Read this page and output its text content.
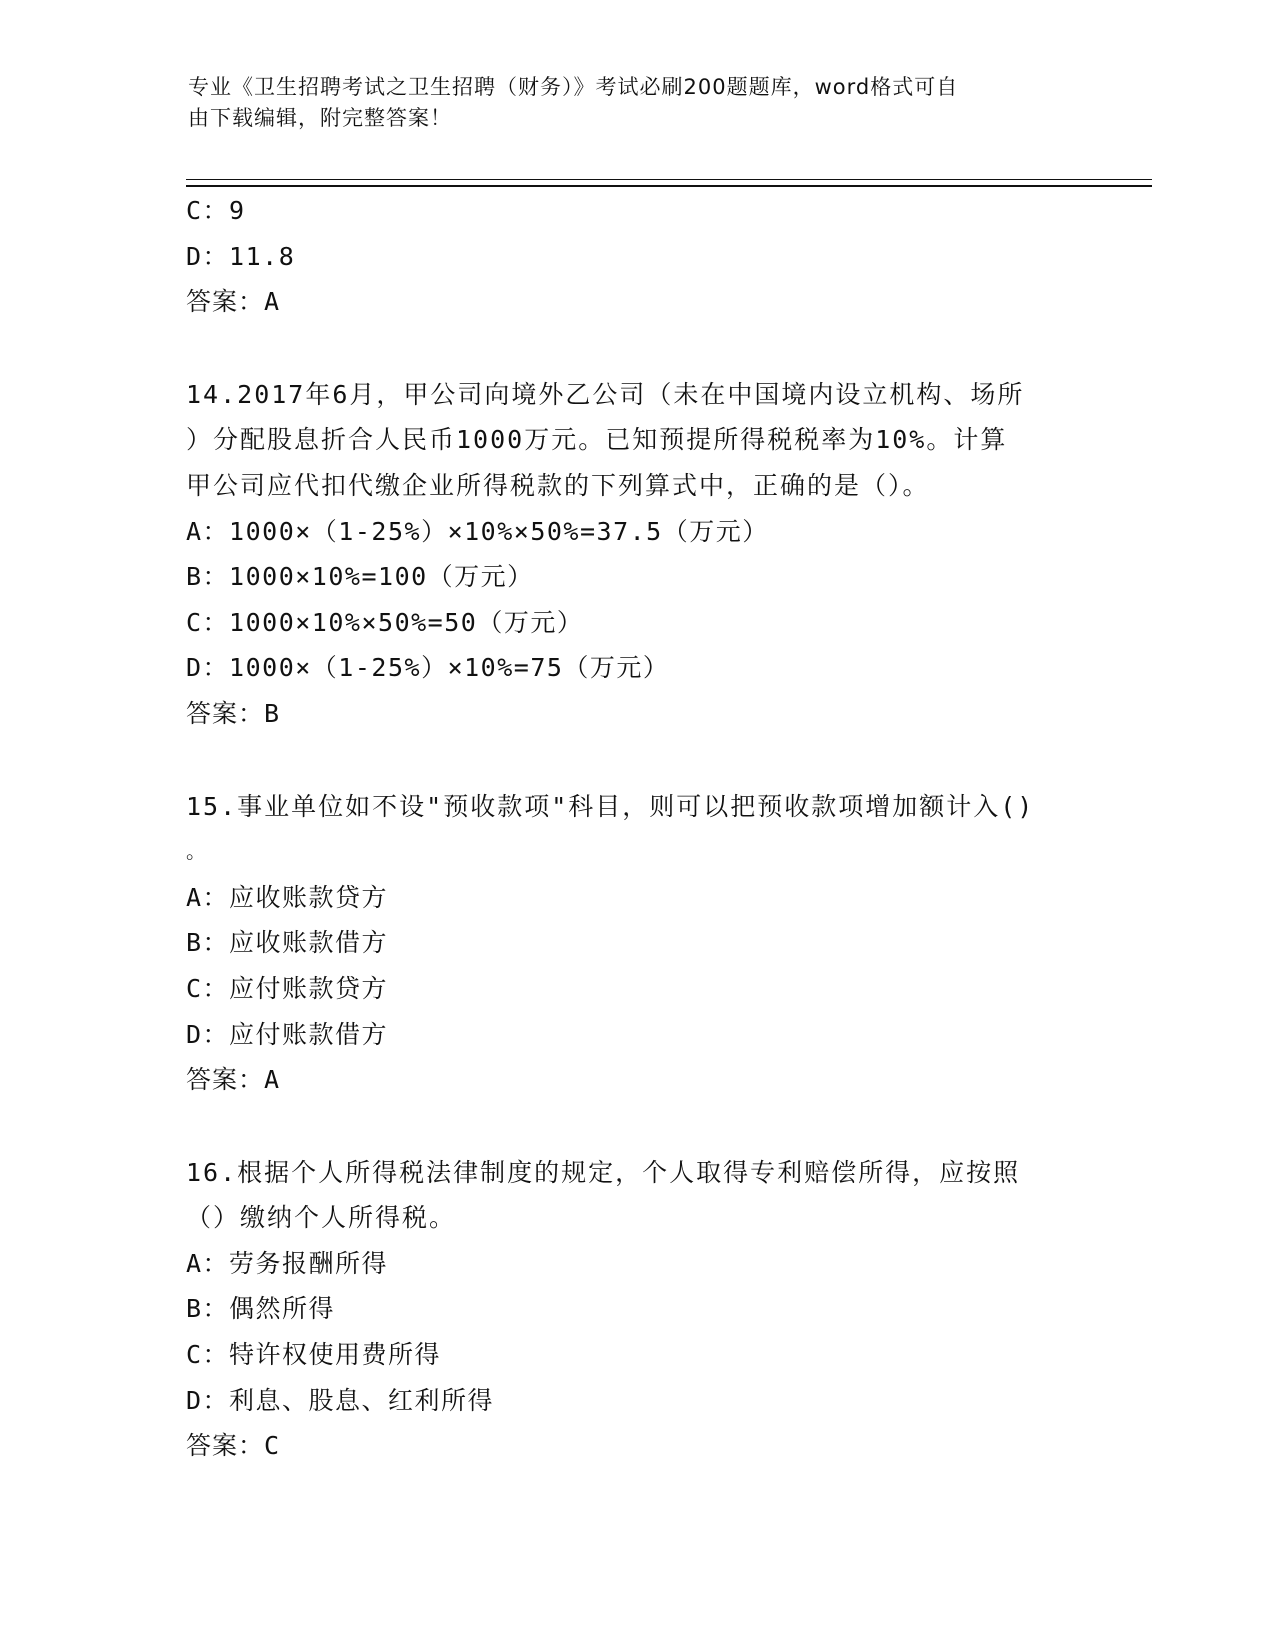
专业《卫生招聘考试之卫生招聘（财务）》考试必刷200题题库，word格式可自
由下载编辑，附完整答案！
C：9
D：11.8
答案：A
14.2017年6月，甲公司向境外乙公司（未在中国境内设立机构、场所
）分配股息折合人民币1000万元。已知预提所得税税率为10%。计算
甲公司应代扣代缴企业所得税款的下列算式中，正确的是（）。
A：1000×（1-25%）×10%×50%=37.5（万元）
B：1000×10%=100（万元）
C：1000×10%×50%=50（万元）
D：1000×（1-25%）×10%=75（万元）
答案：B
15.事业单位如不设"预收款项"科目，则可以把预收款项增加额计入()
。
A：应收账款贷方
B：应收账款借方
C：应付账款贷方
D：应付账款借方
答案：A
16.根据个人所得税法律制度的规定，个人取得专利赔偿所得，应按照
（）缴纳个人所得税。
A：劳务报酬所得
B：偶然所得
C：特许权使用费所得
D：利息、股息、红利所得
答案：C
